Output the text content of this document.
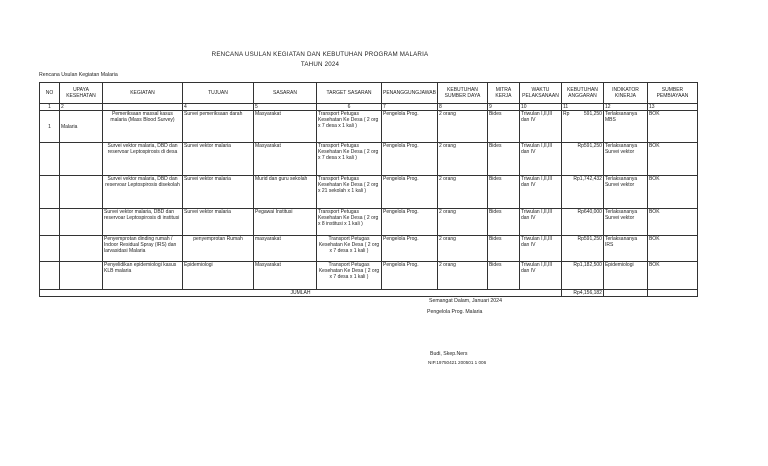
RENCANA USULAN KEGIATAN DAN KEBUTUHAN PROGRAM MALARIA
TAHUN 2024
Rencana Usulan Kegiatan Malaria
NO	UPAYA KESEHATAN	KEGIATAN	TUJUAN	SASARAN	TARGET SASARAN	PENANGGUNGJAWAB	KEBUTUHAN SUMBER DAYA	MITRA KERJA	WAKTU PELAKSANAAN	KEBUTUHAN ANGGARAN	INDIKATOR KINERJA	SUMBER PEMBIAYAAN
1	2		4	5	6	7	8	9	10	11	12	13
1	Malaria	Pemeriksaan massal kasus malaria (Mass Blood Survey)	Survei pemeriksaan darah	Masyarakat	Transport Petugas Kesehatan Ke Desa ( 2 org x 7 desa x 1 kali )	Pengelola Prog.	2 orang	Bides	Triwulan I,II,III dan IV	Rp 591,250	Terlaksananya MBS	BOK
		Survei vektor malaria, DBD dan reservoar Leptospirosis di desa	Survei vektor malaria	Masyarakat	Transport Petugas Kesehatan Ke Desa ( 2 org x 7 desa x 1 kali )	Pengelola Prog.	2 orang	Bides	Triwulan I,II,III dan IV	Rp591,250	Terlaksananya Survei vektor	BOK
		Survei vektor malaria, DBD dan reservoar Leptospirosis disekolah	Survei vektor malaria	Murid dan guru sekolah	Transport Petugas Kesehatan Ke Desa ( 2 org x 21 sekolah x 1 kali )	Pengelola Prog.	2 orang	Bides	Triwulan I,II,III dan IV	Rp1,742,432	Terlaksananya Survei vektor	BOK
		Survei vektor malaria, DBD dan reservoar Leptospirosis di institusi	Survei vektor malaria	Pegawai Institusi	Transport Petugas Kesehatan Ke Desa ( 2 org x 8 institusi x 1 kali )	Pengelola Prog.	2 orang	Bides	Triwulan I,II,III dan IV	Rp640,000	Terlaksananya Survei vektor	BOK
		Penyemprotan dinding rumah / Indoor Residual Spray (IRS) dan larvasidasi Malaria	penyemprotan Rumah	masyarakat	Transport Petugas Kesehatan Ke Desa ( 2 org x 7 desa x 1 kali )	Pengelola Prog.	2 orang	Bides	Triwulan I,II,III dan IV	Rp591,250	Terlaksananya IRS	BOK
		Penyelidikan epidemiologi kasus KLB malaria	Epidemiologi	Masyarakat	Transport Petugas Kesehatan Ke Desa ( 2 org x 7 desa x 1 kali )	Pengelola Prog.	2 orang	Bides	Triwulan I,II,III dan IV	Rp1,182,500	Epidemiologi	BOK
JUMLAH										Rp4,156,182		
Semangat Dalam, Januari 2024
Pengelola Prog. Malaria
Budi, Skep.Ners
NIP.19750421 200501 1 006
